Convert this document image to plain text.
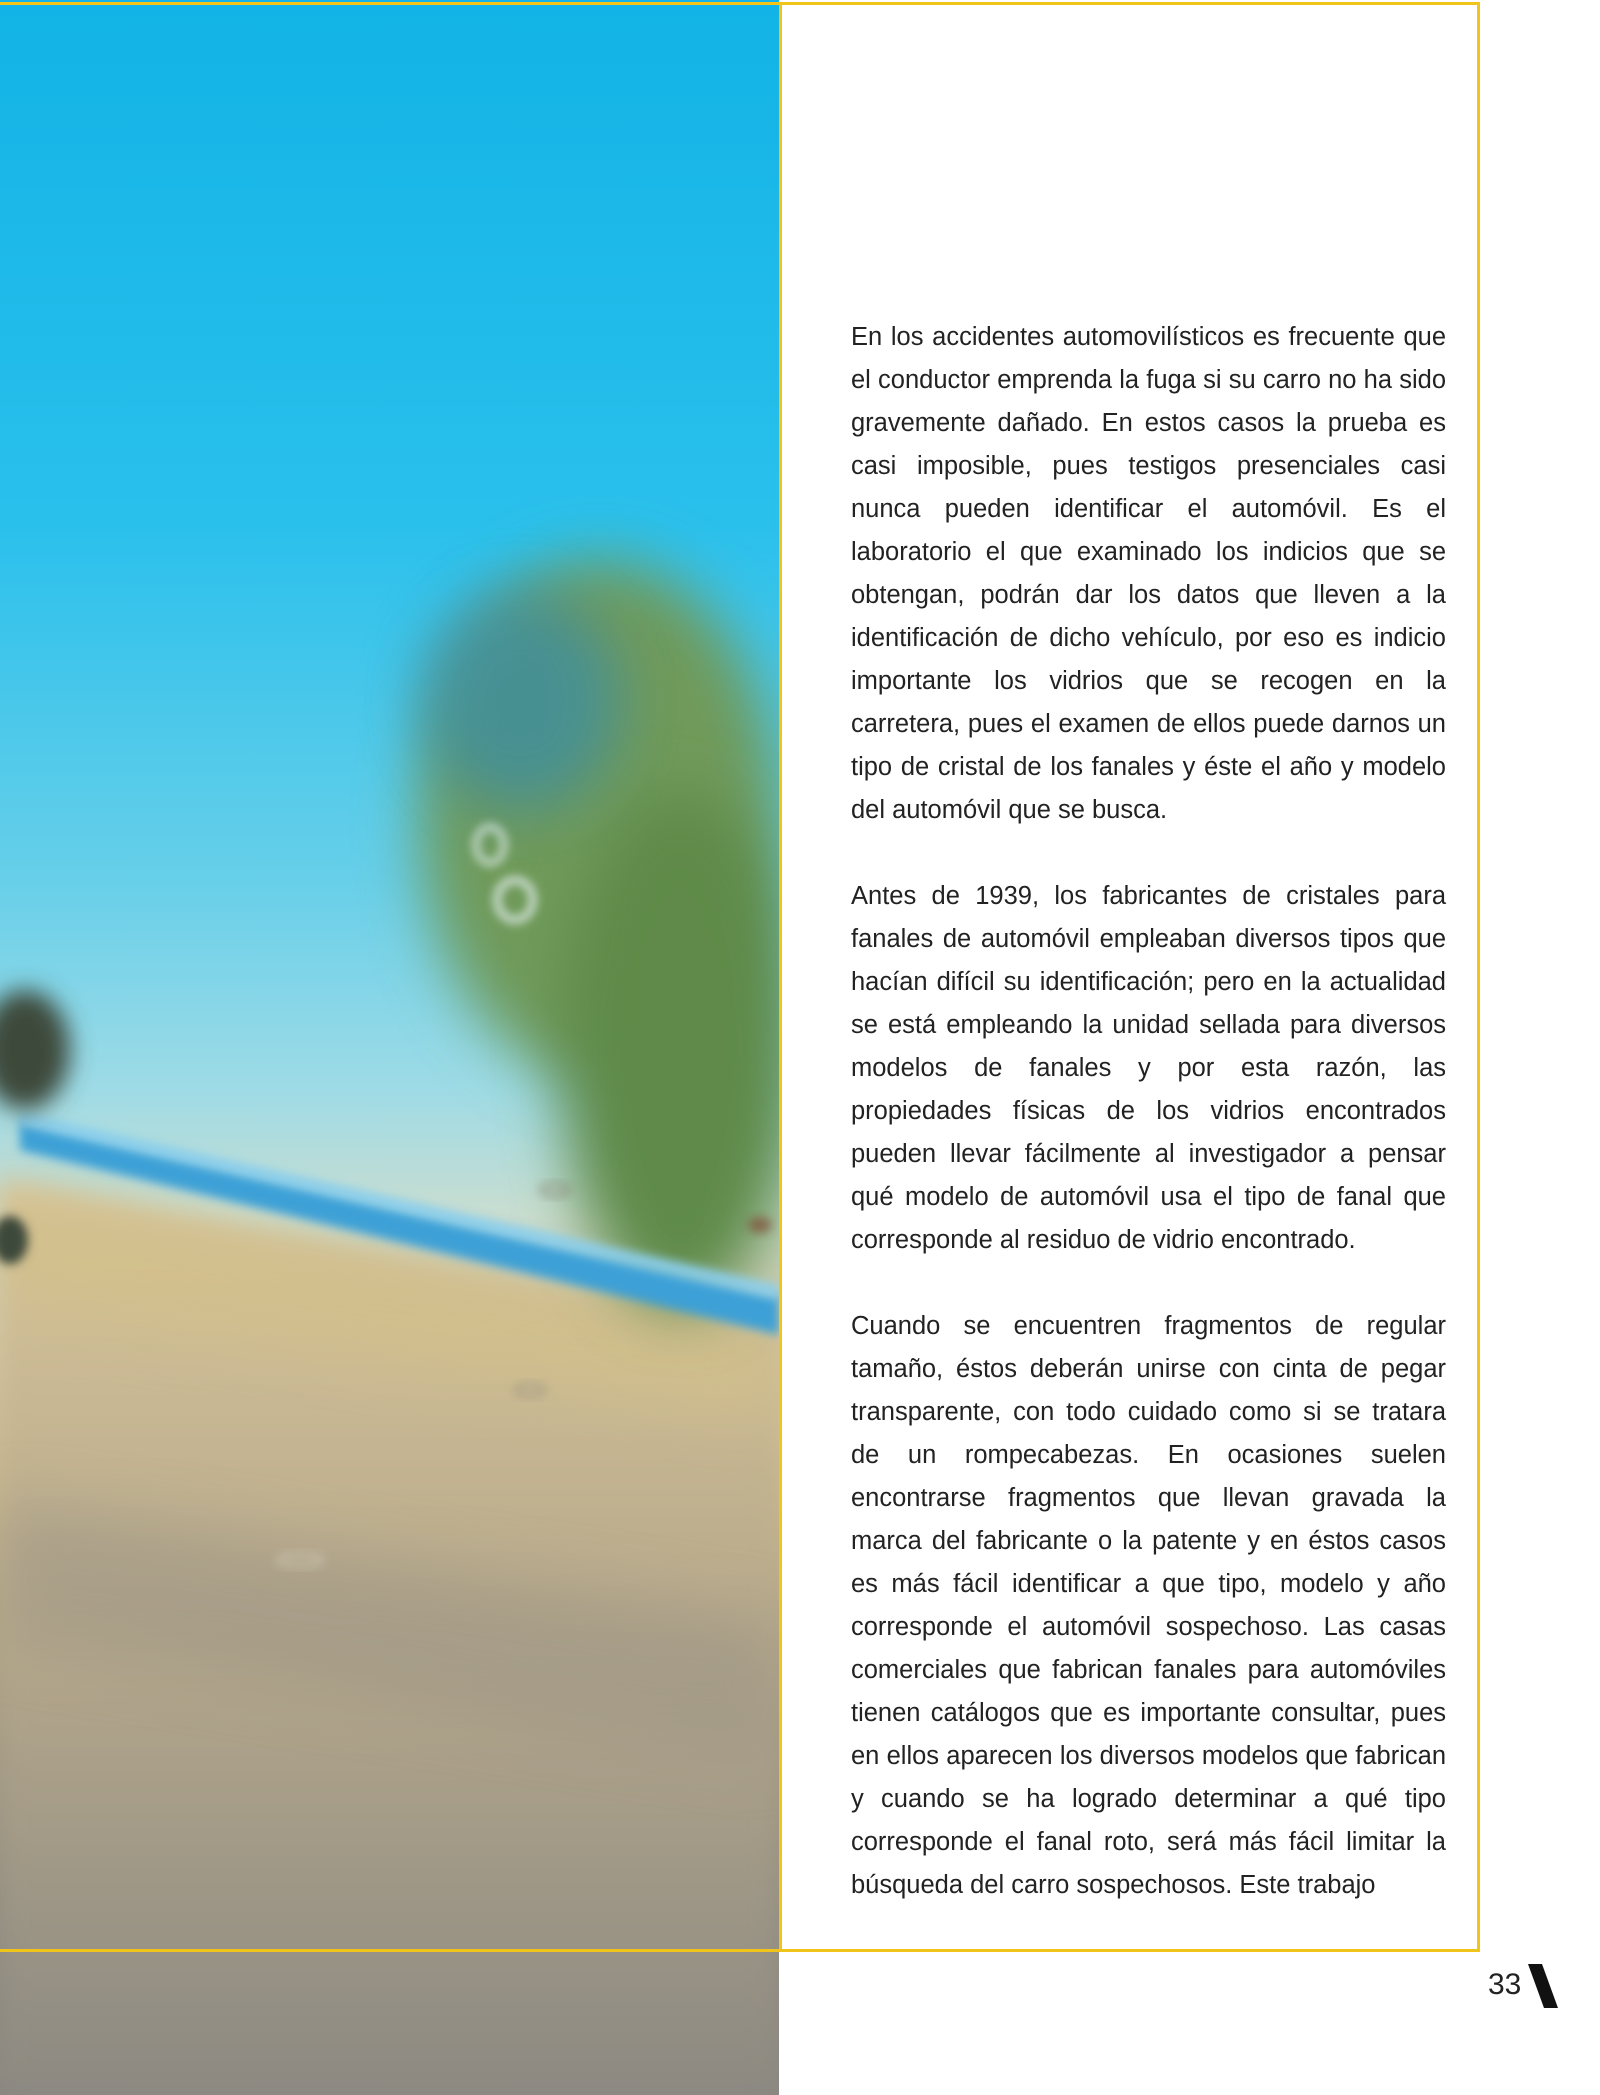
En los accidentes automovilísticos es frecuente que el conductor emprenda la fuga si su carro no ha sido gravemente dañado. En estos casos la prueba es casi imposible, pues testigos presenciales casi nunca pueden identificar el automóvil. Es el laboratorio el que examinado los indicios que se obtengan, podrán dar los datos que lleven a la identificación de dicho vehículo, por eso es indicio importante los vidrios que se recogen en la carretera, pues el examen de ellos puede darnos un tipo de cristal de los fanales y éste el año y modelo del automóvil que se busca.

Antes de 1939, los fabricantes de cristales para fanales de automóvil empleaban diversos tipos que hacían difícil su identificación; pero en la actualidad se está empleando la unidad sellada para diversos modelos de fanales y por esta razón, las propiedades físicas de los vidrios encontrados pueden llevar fácilmente al investigador a pensar qué modelo de automóvil usa el tipo de fanal que corresponde al residuo de vidrio encontrado.

Cuando se encuentren fragmentos de regular tamaño, éstos deberán unirse con cinta de pegar transparente, con todo cuidado como si se tratara de un rompecabezas. En ocasiones suelen encontrarse fragmentos que llevan gravada la marca del fabricante o la patente y en éstos casos es más fácil identificar a que tipo, modelo y año corresponde el automóvil sospechoso. Las casas comerciales que fabrican fanales para automóviles tienen catálogos que es importante consultar, pues en ellos aparecen los diversos modelos que fabrican y cuando se ha logrado determinar a qué tipo corresponde el fanal roto, será más fácil limitar la búsqueda del carro sospechosos. Este trabajo

33
